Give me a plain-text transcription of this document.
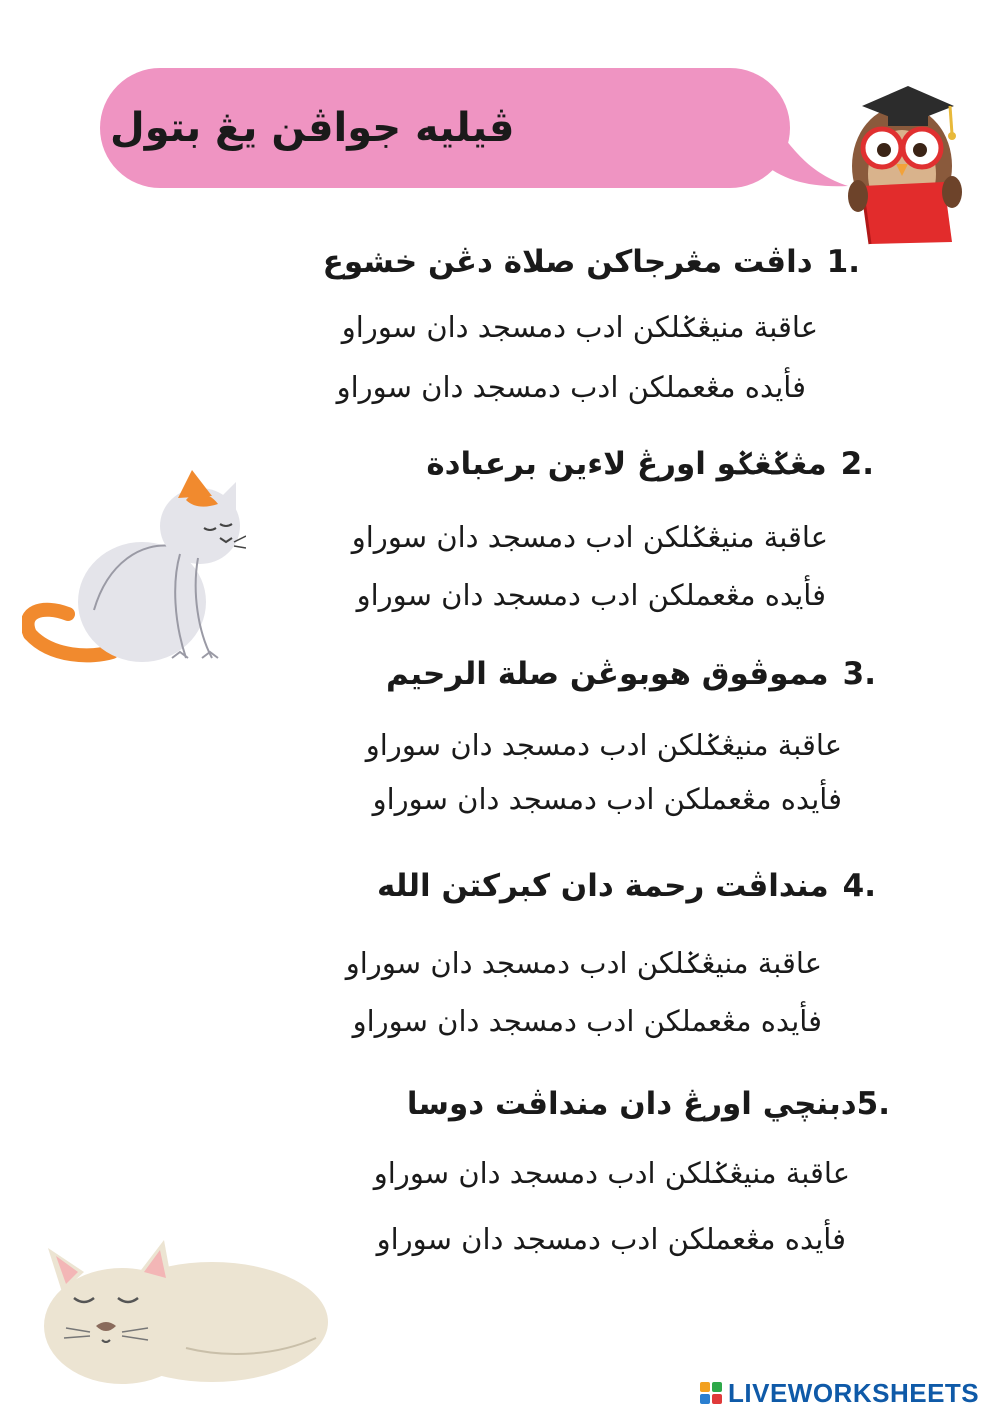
ڤيليه جواڤن يڠ بتول
1.
داڤت مڠرجاكن صلاة دڠن خشوع
عاقبة منيڠݢلكن ادب دمسجد دان سوراو
فأيده مڠعملكن ادب دمسجد دان سوراو
2.
مڠݢڠݢو اورڠ لاءين برعبادة
عاقبة منيڠݢلكن ادب دمسجد دان سوراو
فأيده مڠعملكن ادب دمسجد دان سوراو
3.
مموڤوق هوبوڠن صلة الرحيم
عاقبة منيڠݢلكن ادب دمسجد دان سوراو
فأيده مڠعملكن ادب دمسجد دان سوراو
4.
منداڤت رحمة دان كبركتن الله
عاقبة منيڠݢلكن ادب دمسجد دان سوراو
فأيده مڠعملكن ادب دمسجد دان سوراو
5.
دبنچي اورڠ دان منداڤت دوسا
عاقبة منيڠݢلكن ادب دمسجد دان سوراو
فأيده مڠعملكن ادب دمسجد دان سوراو
LIVEWORKSHEETS
